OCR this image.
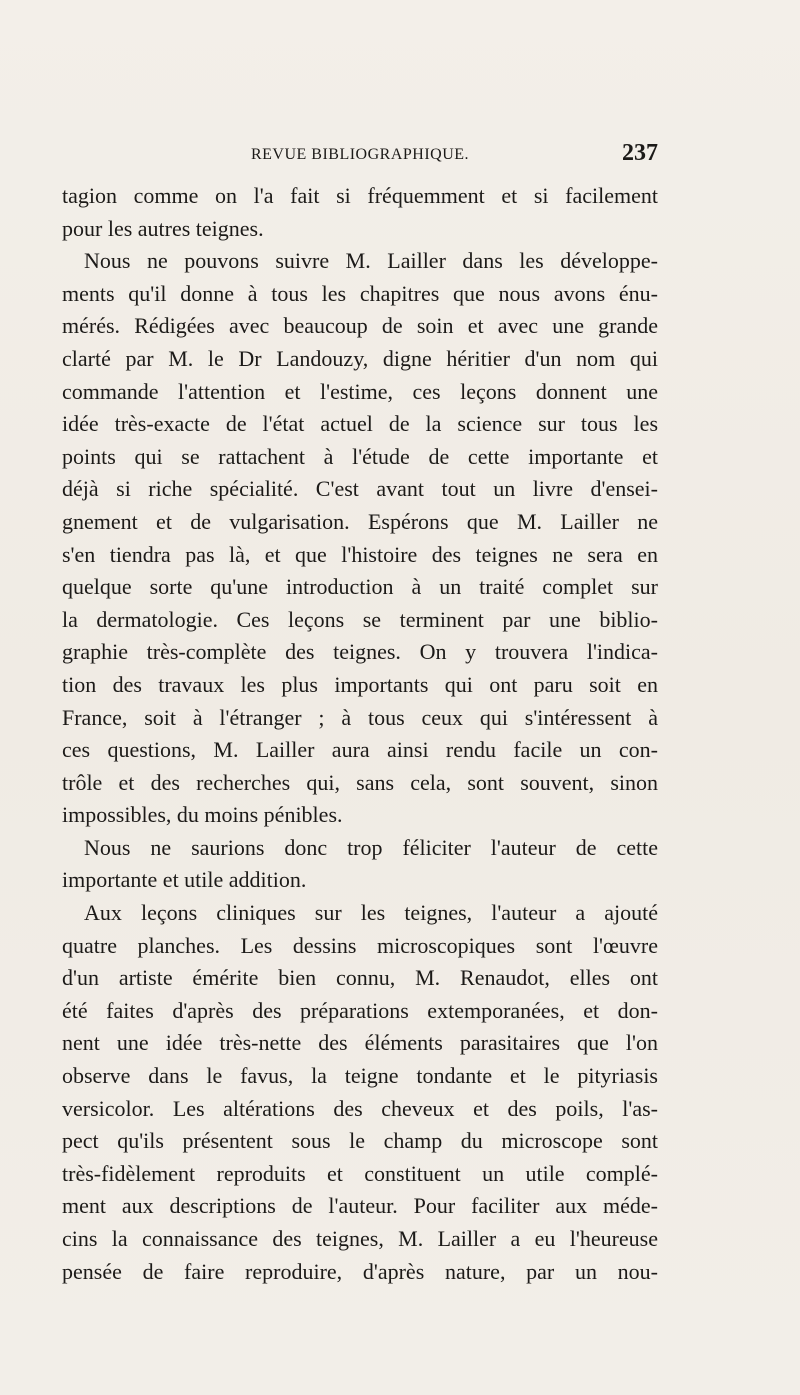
REVUE BIBLIOGRAPHIQUE.	237
tagion comme on l'a fait si fréquemment et si facilement
pour les autres teignes.
Nous ne pouvons suivre M. Lailler dans les développe-
ments qu'il donne à tous les chapitres que nous avons énu-
mérés. Rédigées avec beaucoup de soin et avec une grande
clarté par M. le Dr Landouzy, digne héritier d'un nom qui
commande l'attention et l'estime, ces leçons donnent une
idée très-exacte de l'état actuel de la science sur tous les
points qui se rattachent à l'étude de cette importante et
déjà si riche spécialité. C'est avant tout un livre d'ensei-
gnement et de vulgarisation. Espérons que M. Lailler ne
s'en tiendra pas là, et que l'histoire des teignes ne sera en
quelque sorte qu'une introduction à un traité complet sur
la dermatologie. Ces leçons se terminent par une biblio-
graphie très-complète des teignes. On y trouvera l'indica-
tion des travaux les plus importants qui ont paru soit en
France, soit à l'étranger ; à tous ceux qui s'intéressent à
ces questions, M. Lailler aura ainsi rendu facile un con-
trôle et des recherches qui, sans cela, sont souvent, sinon
impossibles, du moins pénibles.
Nous ne saurions donc trop féliciter l'auteur de cette
importante et utile addition.
Aux leçons cliniques sur les teignes, l'auteur a ajouté
quatre planches. Les dessins microscopiques sont l'œuvre
d'un artiste émérite bien connu, M. Renaudot, elles ont
été faites d'après des préparations extemporanées, et don-
nent une idée très-nette des éléments parasitaires que l'on
observe dans le favus, la teigne tondante et le pityriasis
versicolor. Les altérations des cheveux et des poils, l'as-
pect qu'ils présentent sous le champ du microscope sont
très-fidèlement reproduits et constituent un utile complé-
ment aux descriptions de l'auteur. Pour faciliter aux méde-
cins la connaissance des teignes, M. Lailler a eu l'heureuse
pensée de faire reproduire, d'après nature, par un nou-
